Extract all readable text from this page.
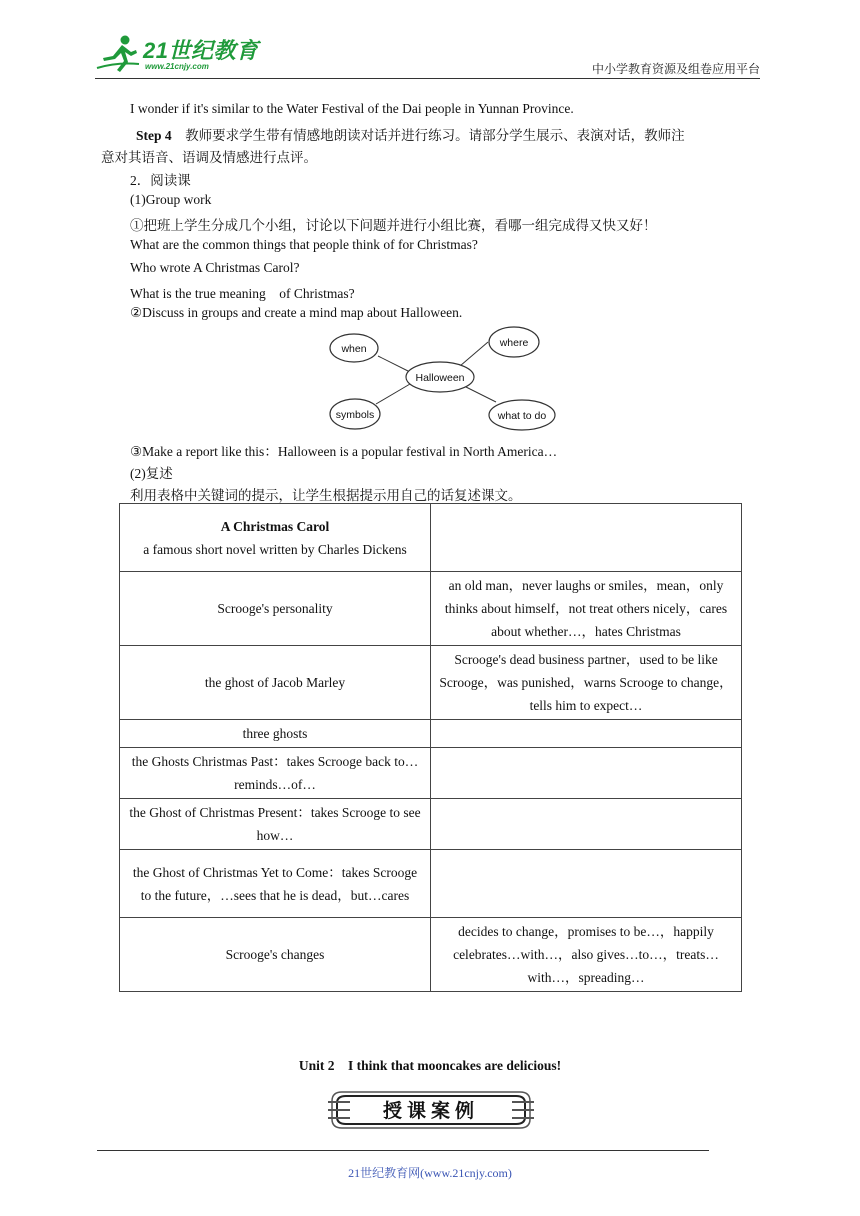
21世纪教育
www.21cnjy.com	中小学教育资源及组卷应用平台
I wonder if it's similar to the Water Festival of the Dai people in Yunnan Province.
Step 4　教师要求学生带有情感地朗读对话并进行练习。请部分学生展示、表演对话，教师注
意对其语音、语调及情感进行点评。
2．阅读课
(1)Group work
①把班上学生分成几个小组，讨论以下问题并进行小组比赛，看哪一组完成得又快又好！
What are the common things that people think of for Christmas?
Who wrote A Christmas Carol?
What is the true meaning　of Christmas?
②Discuss in groups and create a mind map about Halloween.
Halloween
when	where
symbols	what to do
③Make a report like this：Halloween is a popular festival in North America…
(2)复述
利用表格中关键词的提示，让学生根据提示用自己的话复述课文。
A Christmas Carol
a famous short novel written by Charles Dickens	

Scrooge's personality	an old man，never laughs or smiles，mean，only thinks about himself，not treat others nicely，cares about whether…，hates Christmas
the ghost of Jacob Marley	Scrooge's dead business partner，used to be like Scrooge，was punished，warns Scrooge to change，tells him to expect…
three ghosts	
the Ghosts Christmas Past：takes Scrooge back to…reminds…of…	
the Ghost of Christmas Present：takes Scrooge to see how…	
the Ghost of Christmas Yet to Come：takes Scrooge to the future，…sees that he is dead，but…cares	
Scrooge's changes	decides to change，promises to be…，happily celebrates…with…，also gives…to…，treats…with…，spreading…
Unit 2　I think that mooncakes are delicious!
授课案例
21世纪教育网(www.21cnjy.com)
